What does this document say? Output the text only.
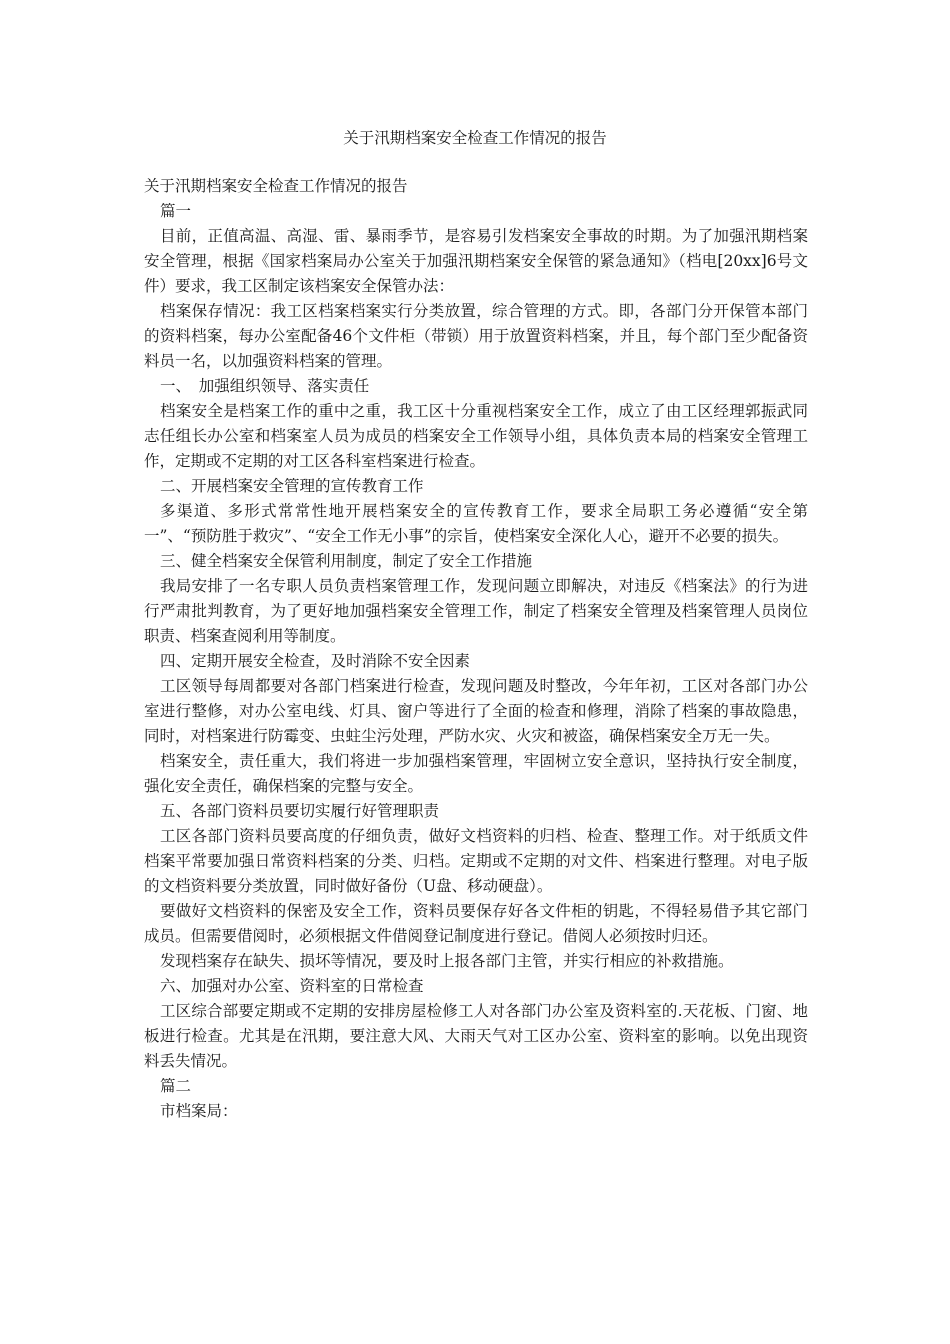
关于汛期档案安全检查工作情况的报告

关于汛期档案安全检查工作情况的报告

篇一

目前，正值高温、高湿、雷、暴雨季节，是容易引发档案安全事故的时期。为了加强汛期档案安全管理，根据《国家档案局办公室关于加强汛期档案安全保管的紧急通知》（档电[20xx]6号文件）要求，我工区制定该档案安全保管办法：

档案保存情况：我工区档案档案实行分类放置，综合管理的方式。即，各部门分开保管本部门的资料档案，每办公室配备46个文件柜（带锁）用于放置资料档案，并且，每个部门至少配备资料员一名，以加强资料档案的管理。

一、　加强组织领导、落实责任

档案安全是档案工作的重中之重，我工区十分重视档案安全工作，成立了由工区经理郭振武同志任组长办公室和档案室人员为成员的档案安全工作领导小组，具体负责本局的档案安全管理工作，定期或不定期的对工区各科室档案进行检查。

二、开展档案安全管理的宣传教育工作

多渠道、多形式常常性地开展档案安全的宣传教育工作，要求全局职工务必遵循“安全第一”、“预防胜于救灾”、“安全工作无小事”的宗旨，使档案安全深化人心，避开不必要的损失。

三、健全档案安全保管利用制度，制定了安全工作措施

我局安排了一名专职人员负责档案管理工作，发现问题立即解决，对违反《档案法》的行为进行严肃批判教育，为了更好地加强档案安全管理工作，制定了档案安全管理及档案管理人员岗位职责、档案查阅利用等制度。

四、定期开展安全检查，及时消除不安全因素

工区领导每周都要对各部门档案进行检查，发现问题及时整改，今年年初，工区对各部门办公室进行整修，对办公室电线、灯具、窗户等进行了全面的检查和修理，消除了档案的事故隐患，同时，对档案进行防霉变、虫蛀尘污处理，严防水灾、火灾和被盗，确保档案安全万无一失。

档案安全，责任重大，我们将进一步加强档案管理，牢固树立安全意识，坚持执行安全制度，强化安全责任，确保档案的完整与安全。

五、各部门资料员要切实履行好管理职责

工区各部门资料员要高度的仔细负责，做好文档资料的归档、检查、整理工作。对于纸质文件档案平常要加强日常资料档案的分类、归档。定期或不定期的对文件、档案进行整理。对电子版的文档资料要分类放置，同时做好备份（U盘、移动硬盘）。

要做好文档资料的保密及安全工作，资料员要保存好各文件柜的钥匙，不得轻易借予其它部门成员。但需要借阅时，必须根据文件借阅登记制度进行登记。借阅人必须按时归还。

发现档案存在缺失、损坏等情况，要及时上报各部门主管，并实行相应的补救措施。

六、加强对办公室、资料室的日常检查

工区综合部要定期或不定期的安排房屋检修工人对各部门办公室及资料室的.天花板、门窗、地板进行检查。尤其是在汛期，要注意大风、大雨天气对工区办公室、资料室的影响。以免出现资料丢失情况。

篇二

市档案局：
